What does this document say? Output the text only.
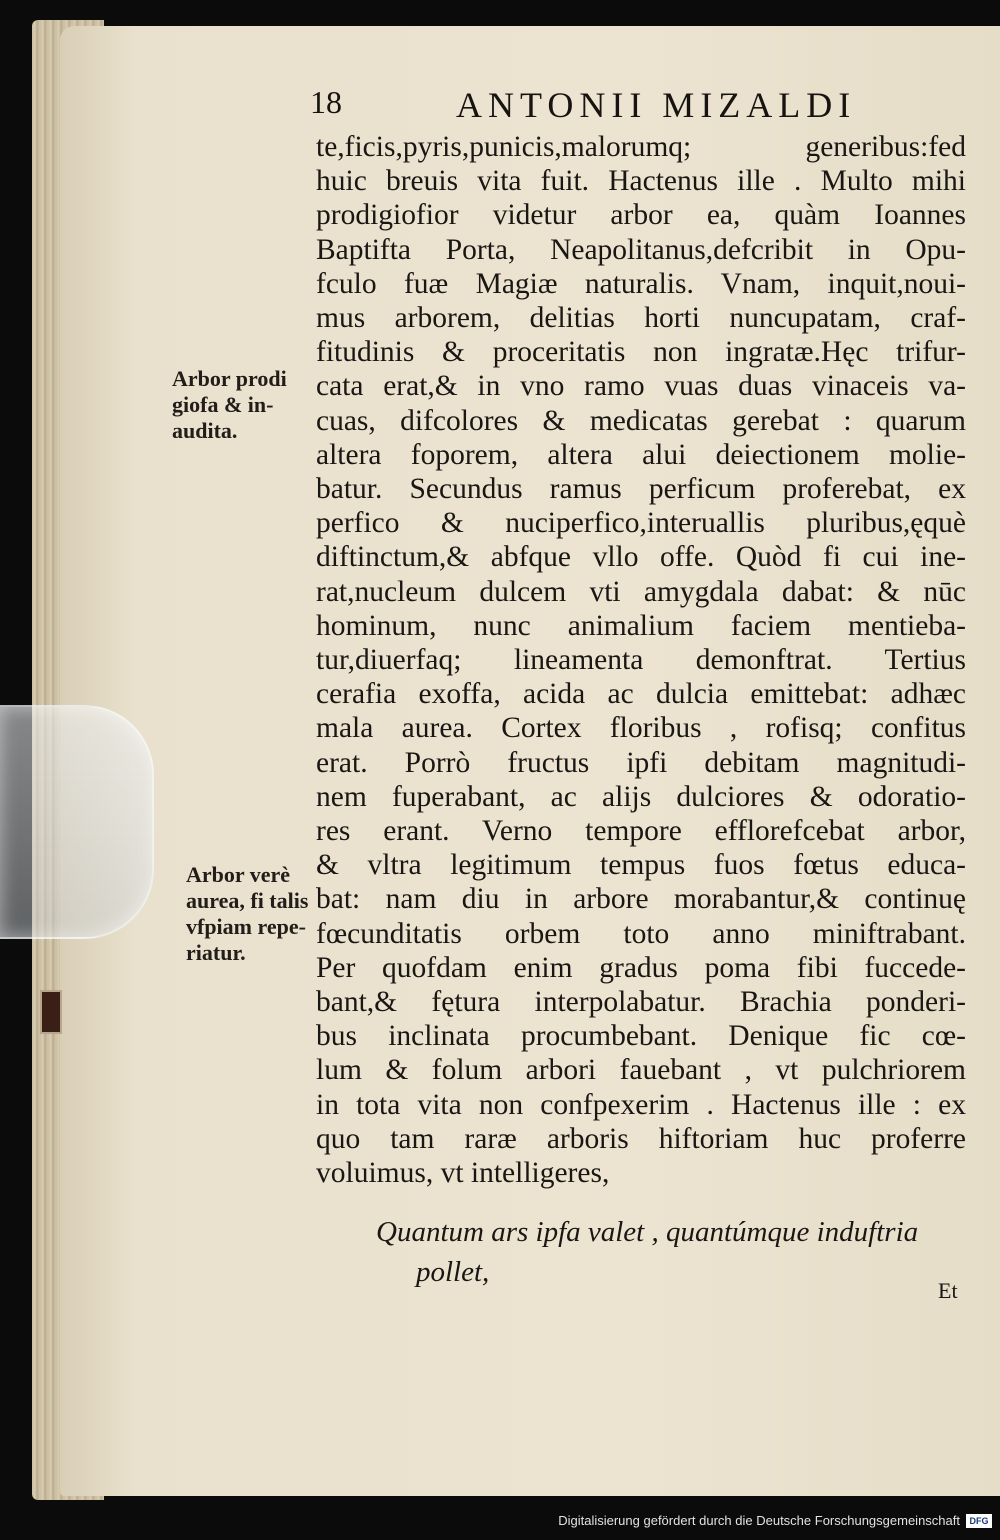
18	ANTONII MIZALDI
te,ficis,pyris,punicis,malorumq; generibus:fed
huic breuis vita fuit. Hactenus ille . Multo mihi
prodigiofior videtur arbor ea, quàm Ioannes
Baptifta Porta, Neapolitanus,defcribit in Opu-
fculo fuæ Magiæ naturalis. Vnam, inquit,noui-
mus arborem, delitias horti nuncupatam, craf-
fitudinis & proceritatis non ingratæ.Hęc trifur-
cata erat,& in vno ramo vuas duas vinaceis va-
cuas, difcolores & medicatas gerebat : quarum
altera foporem, altera alui deiectionem molie-
batur. Secundus ramus perficum proferebat, ex
perfico & nuciperfico,interuallis pluribus,ęquè
diftinctum,& abfque vllo offe. Quòd fi cui ine-
rat,nucleum dulcem vti amygdala dabat: & nūc
hominum, nunc animalium faciem mentieba-
tur,diuerfaq; lineamenta demonftrat. Tertius
cerafia exoffa, acida ac dulcia emittebat: adhæc
mala aurea. Cortex floribus , rofisq; confitus
erat. Porrò fructus ipfi debitam magnitudi-
nem fuperabant, ac alijs dulciores & odoratio-
res erant. Verno tempore efflorefcebat arbor,
& vltra legitimum tempus fuos fœtus educa-
bat: nam diu in arbore morabantur,& continuę
fœcunditatis orbem toto anno miniftrabant.
Per quofdam enim gradus poma fibi fuccede-
bant,& fętura interpolabatur. Brachia ponderi-
bus inclinata procumbebant. Denique fic cœ-
lum & folum arbori fauebant , vt pulchriorem
in tota vita non confpexerim . Hactenus ille : ex
quo tam raræ arboris hiftoriam huc proferre
voluimus, vt intelligeres,
Arbor prodi
giofa & in-
audita.
Arbor verè
aurea, fi talis
vfpiam repe-
riatur.
Quantum ars ipfa valet , quantúmque induftria
pollet,
Et
Digitalisierung gefördert durch die Deutsche Forschungsgemeinschaft	DFG
